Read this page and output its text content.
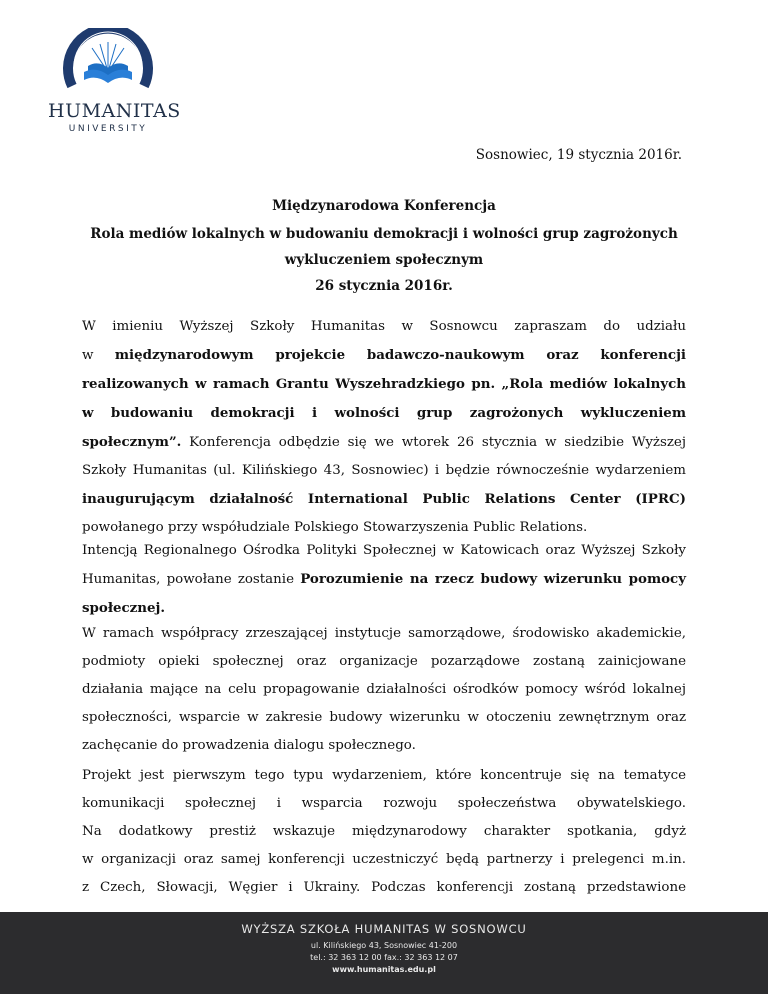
HUMANITAS
UNIVERSITY
Sosnowiec, 19 stycznia 2016r.
Międzynarodowa Konferencja
Rola mediów lokalnych w budowaniu demokracji i wolności grup zagrożonych
wykluczeniem społecznym
26 stycznia 2016r.
W imieniu Wyższej Szkoły Humanitas w Sosnowcu zapraszam do udziału
w międzynarodowym projekcie badawczo-naukowym oraz konferencji
realizowanych w ramach Grantu Wyszehradzkiego pn. „Rola mediów lokalnych
w budowaniu demokracji i wolności grup zagrożonych wykluczeniem
społecznym”. Konferencja odbędzie się we wtorek 26 stycznia w siedzibie Wyższej
Szkoły Humanitas (ul. Kilińskiego 43, Sosnowiec) i będzie równocześnie wydarzeniem
inaugurującym działalność International Public Relations Center (IPRC)
powołanego przy współudziale Polskiego Stowarzyszenia Public Relations.
Intencją Regionalnego Ośrodka Polityki Społecznej w Katowicach oraz Wyższej Szkoły
Humanitas, powołane zostanie Porozumienie na rzecz budowy wizerunku pomocy
społecznej.
W ramach współpracy zrzeszającej instytucje samorządowe, środowisko akademickie,
podmioty opieki społecznej oraz organizacje pozarządowe zostaną zainicjowane
działania mające na celu propagowanie działalności ośrodków pomocy wśród lokalnej
społeczności, wsparcie w zakresie budowy wizerunku w otoczeniu zewnętrznym oraz
zachęcanie do prowadzenia dialogu społecznego.
Projekt jest pierwszym tego typu wydarzeniem, które koncentruje się na tematyce
komunikacji społecznej i wsparcia rozwoju społeczeństwa obywatelskiego.
Na dodatkowy prestiż wskazuje międzynarodowy charakter spotkania, gdyż
w organizacji oraz samej konferencji uczestniczyć będą partnerzy i prelegenci m.in.
z Czech, Słowacji, Węgier i Ukrainy. Podczas konferencji zostaną przedstawione
WYŻSZA SZKOŁA HUMANITAS W SOSNOWCU
ul. Kilińskiego 43, Sosnowiec 41-200
tel.: 32 363 12 00 fax.: 32 363 12 07
www.humanitas.edu.pl
